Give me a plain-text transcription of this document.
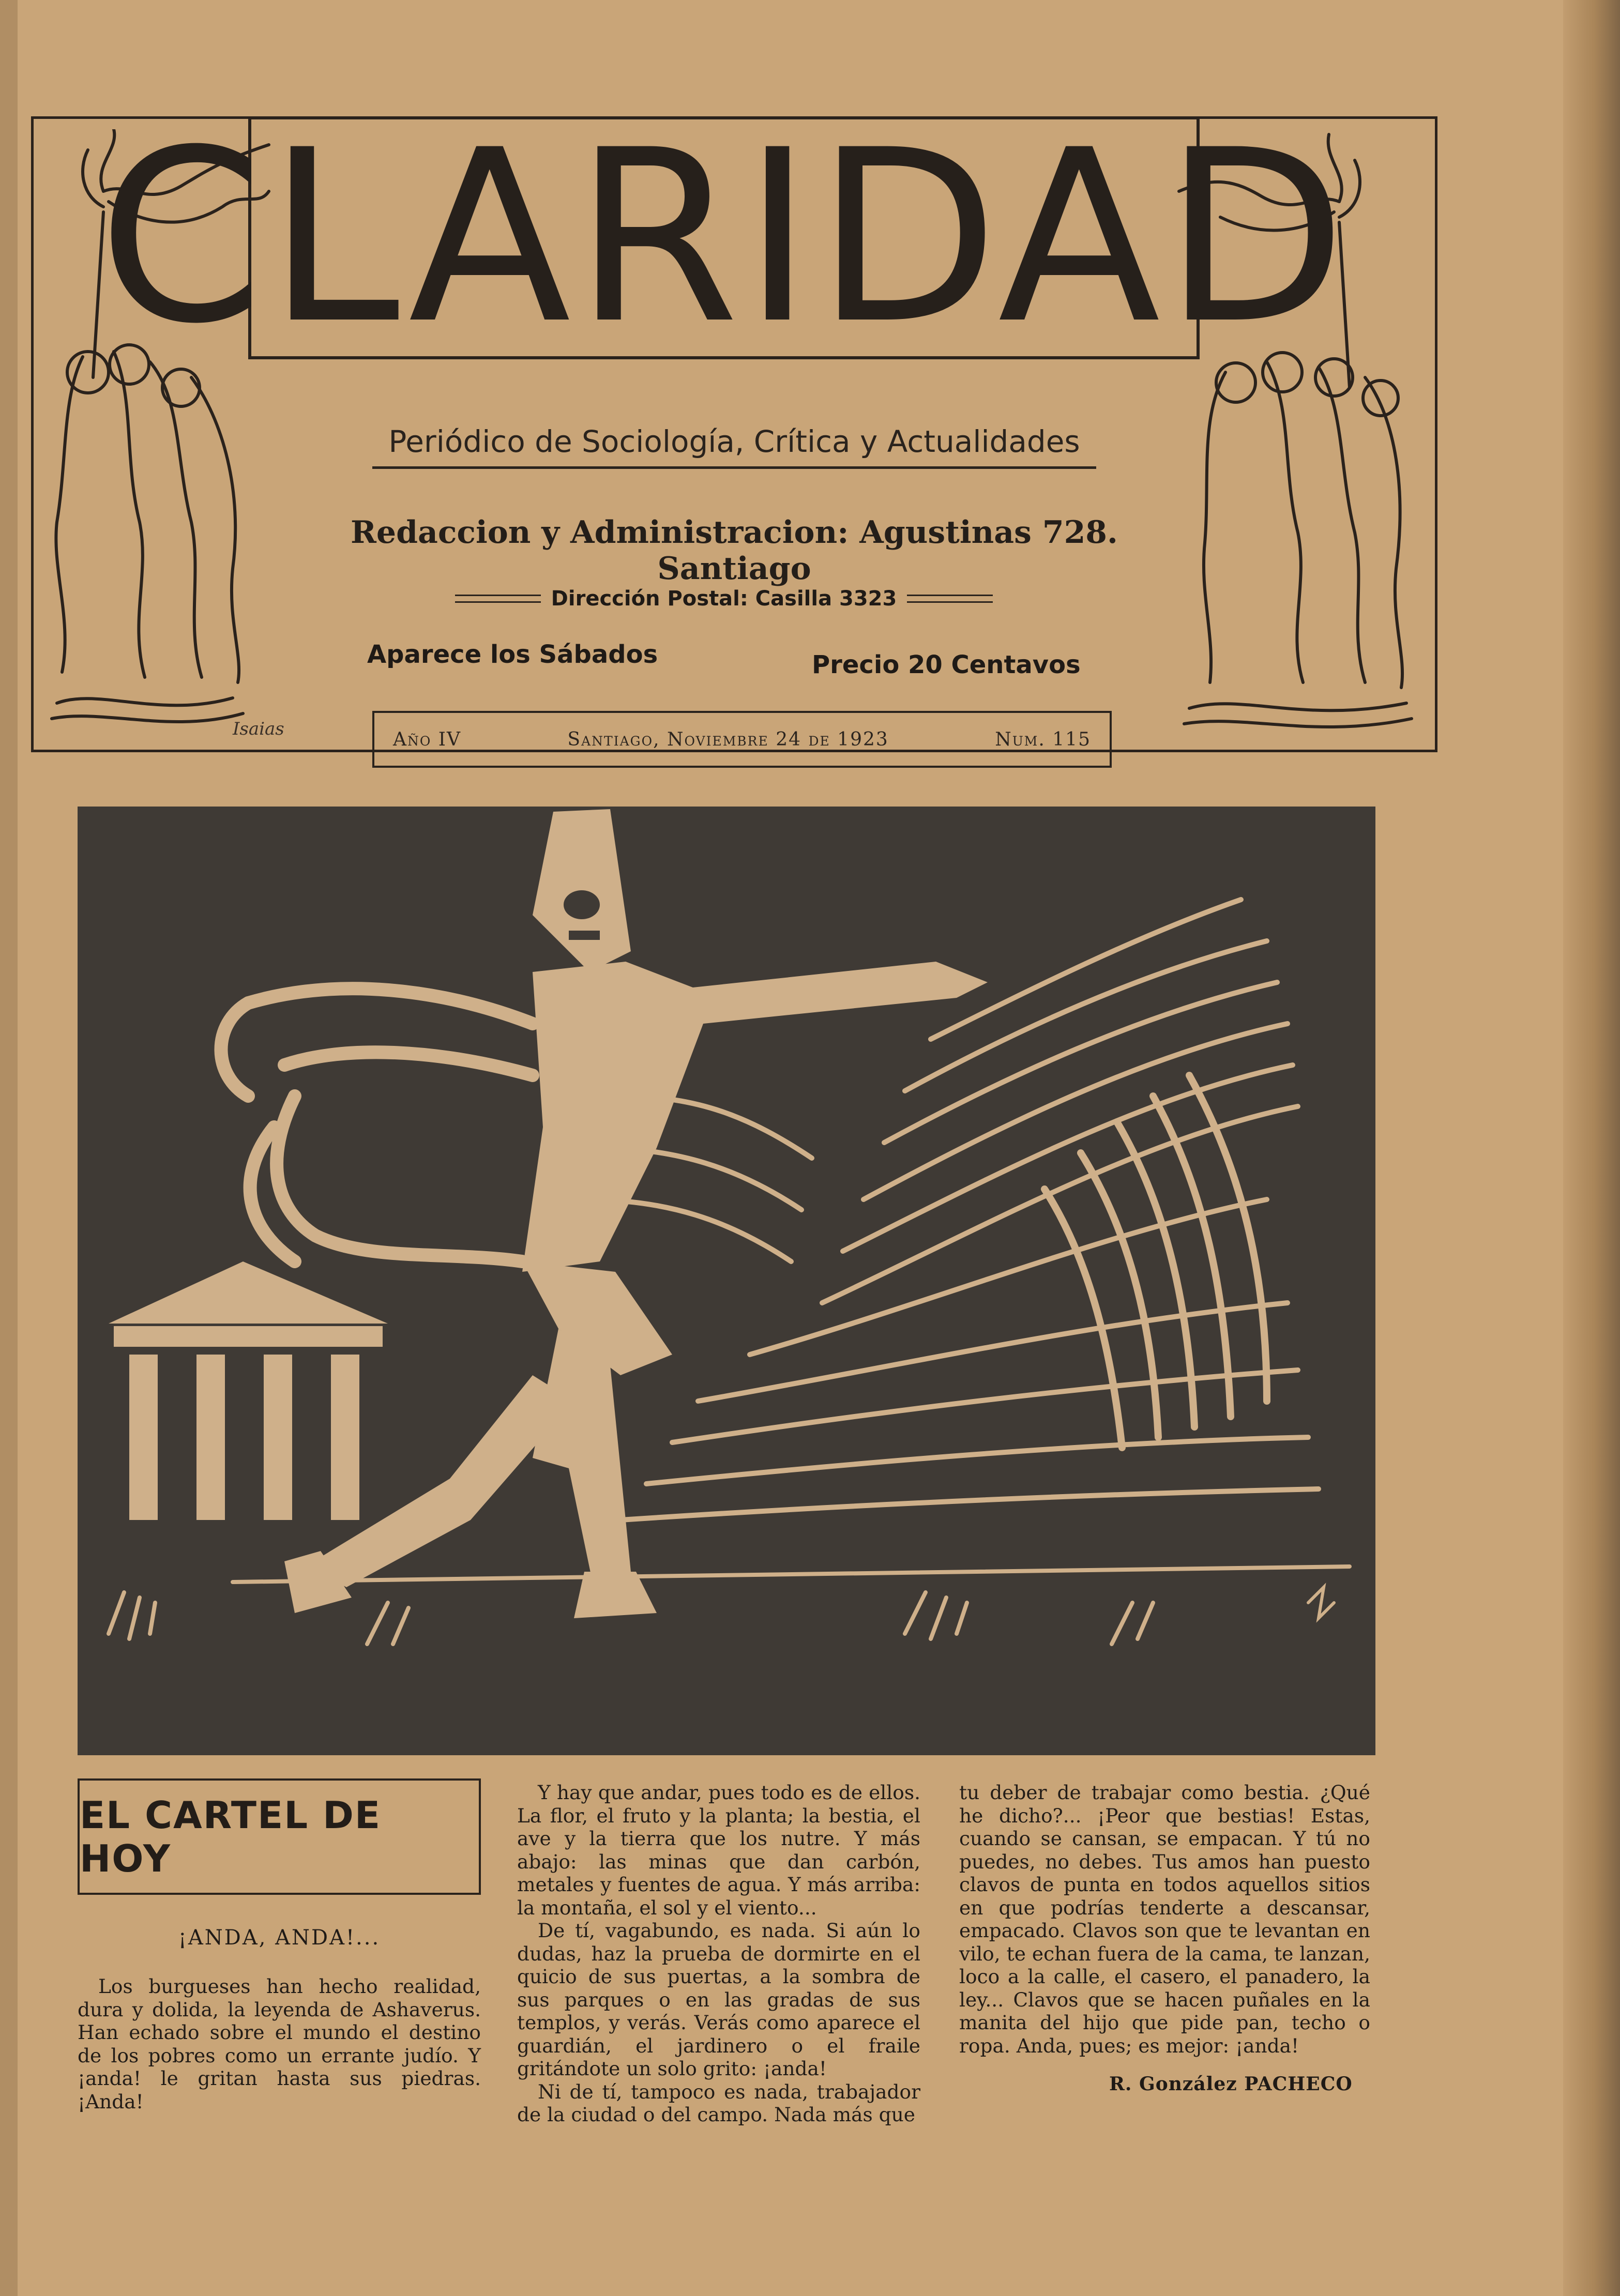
CLARIDAD
Periódico de Sociología, Crítica y Actualidades
Redaccion y Administracion: Agustinas 728. Santiago
Dirección Postal: Casilla 3323
Aparece los Sábados	Precio 20 Centavos
Isaias	Año IV	Santiago, Noviembre 24 de 1923	Num. 115
EL CARTEL DE HOY
¡ANDA, ANDA!...

Los burgueses han hecho realidad, dura y dolida, la leyenda de Ashaverus. Han echado sobre el mundo el destino de los pobres como un errante judío. Y ¡anda! le gritan hasta sus piedras. ¡Anda!

Y hay que andar, pues todo es de ellos. La flor, el fruto y la planta; la bestia, el ave y la tierra que los nutre. Y más abajo: las minas que dan carbón, metales y fuentes de agua. Y más arriba: la montaña, el sol y el viento...

De tí, vagabundo, es nada. Si aún lo dudas, haz la prueba de dormirte en el quicio de sus puertas, a la sombra de sus parques o en las gradas de sus templos, y verás. Verás como aparece el guardián, el jardinero o el fraile gritándote un solo grito: ¡anda!

Ni de tí, tampoco es nada, trabajador de la ciudad o del campo. Nada más que

tu deber de trabajar como bestia. ¿Qué he dicho?... ¡Peor que bestias! Estas, cuando se cansan, se empacan. Y tú no puedes, no debes. Tus amos han puesto clavos de punta en todos aquellos sitios en que podrías tenderte a descansar, empacado. Clavos son que te levantan en vilo, te echan fuera de la cama, te lanzan, loco a la calle, el casero, el panadero, la ley... Clavos que se hacen puñales en la manita del hijo que pide pan, techo o ropa. Anda, pues; es mejor: ¡anda!

R. González PACHECO
